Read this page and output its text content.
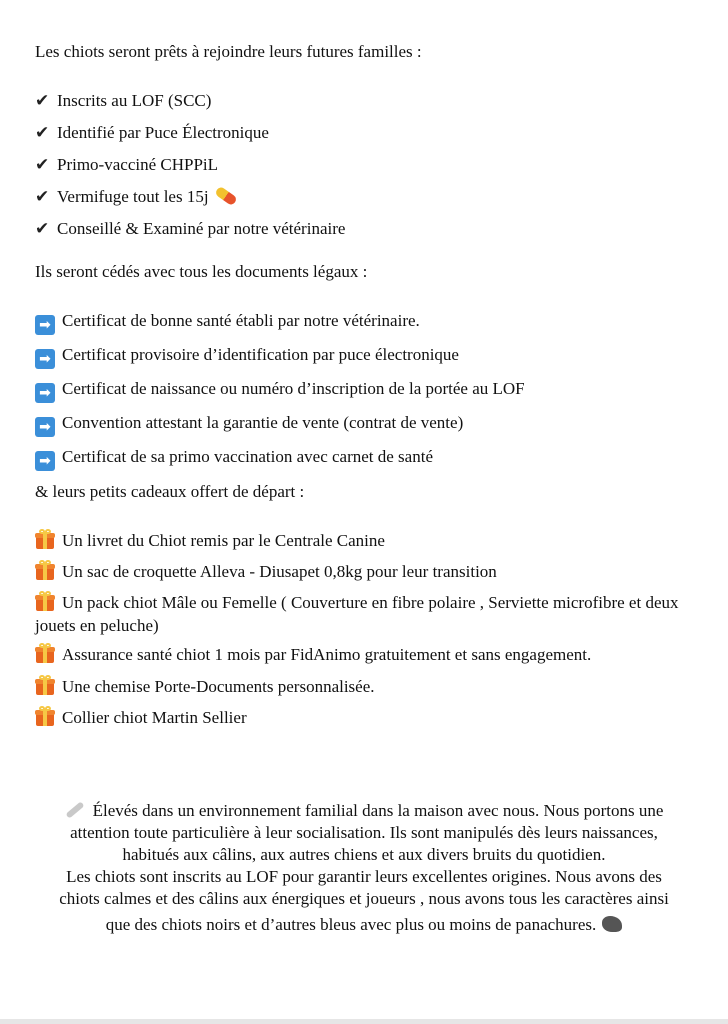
Les chiots seront prêts à rejoindre leurs futures familles :
✔ Inscrits au LOF (SCC)
✔ Identifié par Puce Électronique
✔ Primo-vacciné CHPPiL
✔ Vermifuge tout les 15j
✔ Conseillé & Examiné par notre vétérinaire
Ils seront cédés avec tous les documents légaux :
➡ Certificat de bonne santé établi par notre vétérinaire.
➡ Certificat provisoire d’identification par puce électronique
➡ Certificat de naissance ou numéro d’inscription de la portée au LOF
➡ Convention attestant la garantie de vente (contrat de vente)
➡ Certificat de sa primo vaccination avec carnet de santé
& leurs petits cadeaux offert de départ :
Un livret du Chiot remis par le Centrale Canine
Un sac de croquette Alleva - Diusapet 0,8kg pour leur transition
Un pack chiot Mâle ou Femelle ( Couverture en fibre polaire , Serviette microfibre et deux jouets en peluche)
Assurance santé chiot 1 mois par FidAnimo gratuitement et sans engagement.
Une chemise Porte-Documents personnalisée.
Collier chiot Martin Sellier
Élevés dans un environnement familial dans la maison avec nous. Nous portons une
attention toute particulière à leur socialisation. Ils sont manipulés dès leurs naissances,
habitués aux câlins, aux autres chiens et aux divers bruits du quotidien.
Les chiots sont inscrits au LOF pour garantir leurs excellentes origines. Nous avons des
chiots calmes et des câlins aux énergiques et joueurs , nous avons tous les caractères ainsi
que des chiots noirs et d’autres bleus avec plus ou moins de panachures.
